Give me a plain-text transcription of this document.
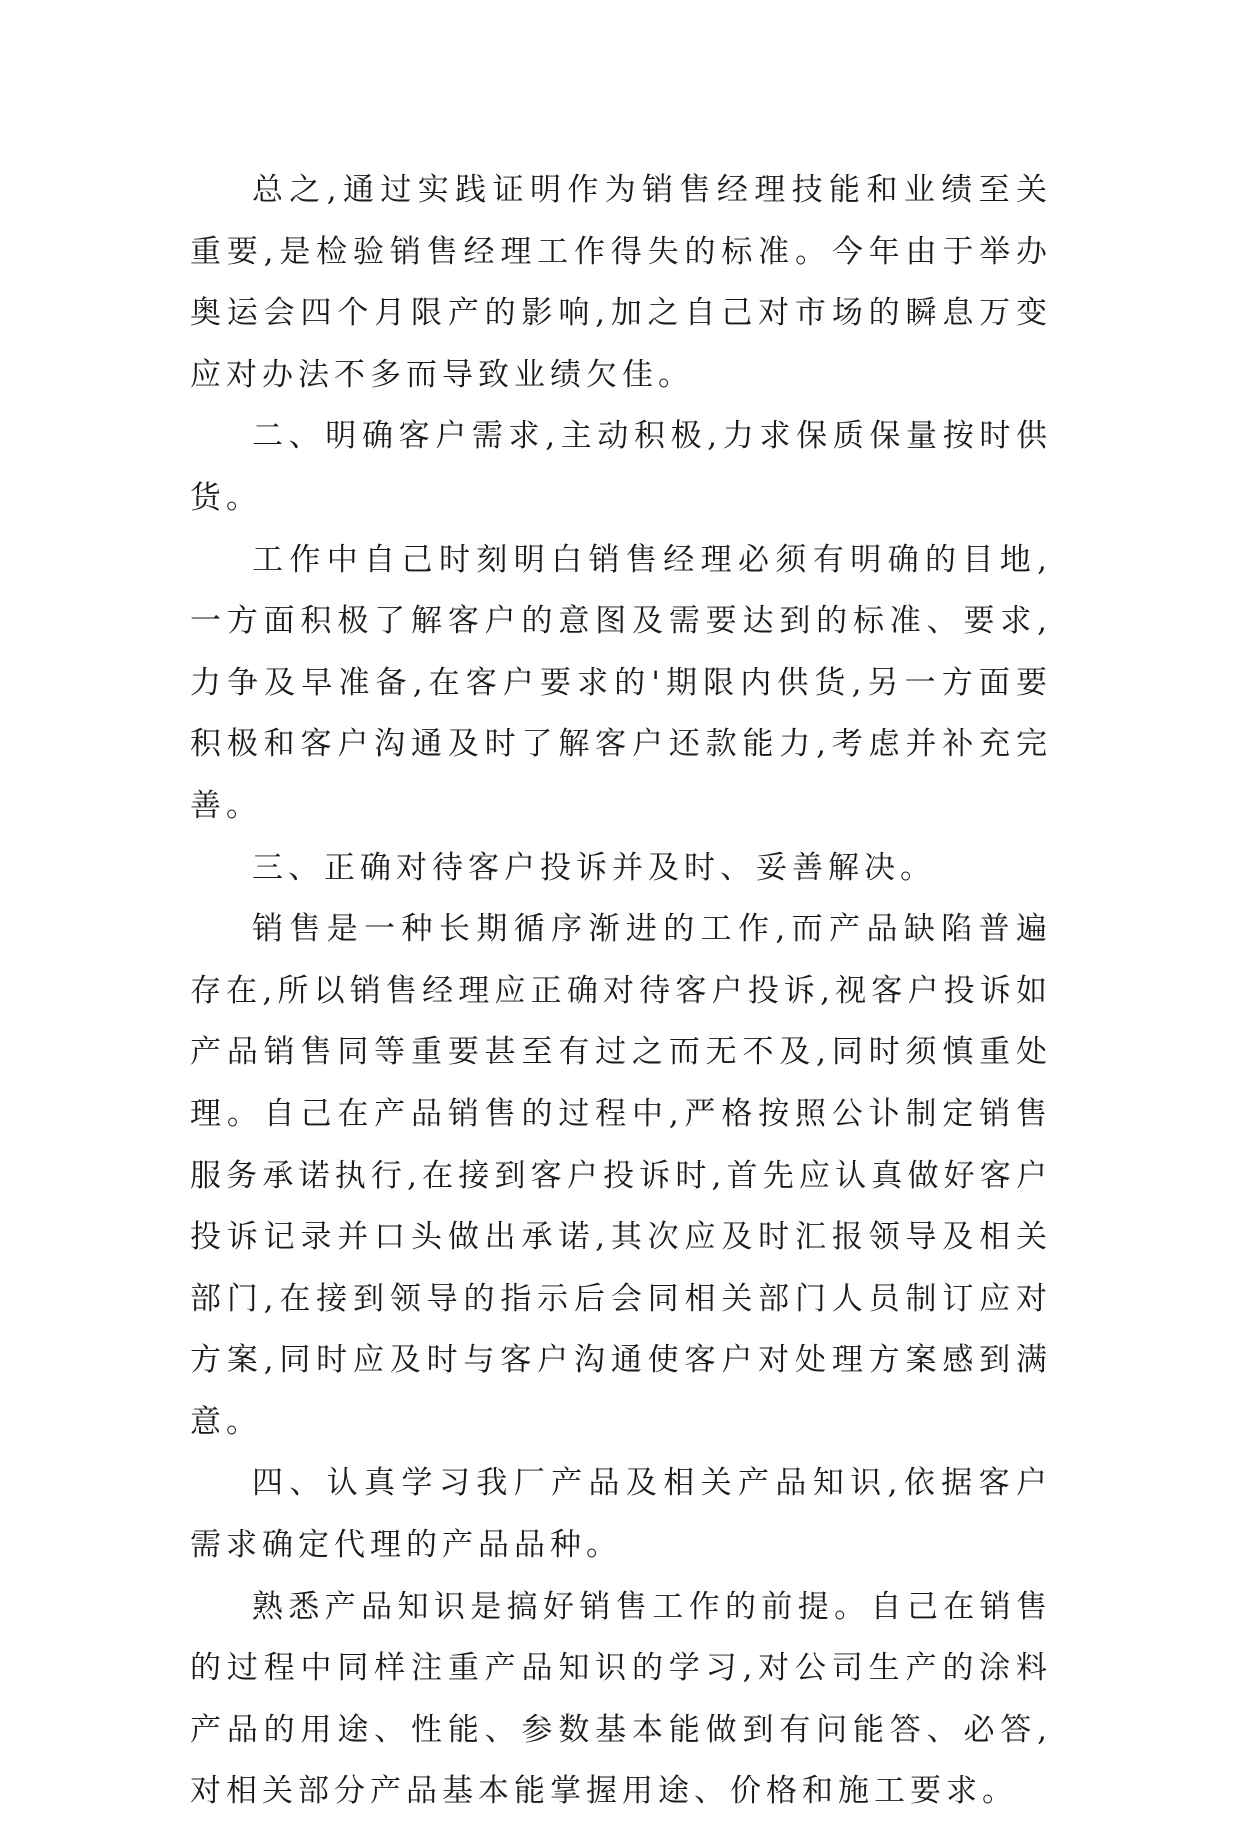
总之,通过实践证明作为销售经理技能和业绩至关重要,是检验销售经理工作得失的标准。今年由于举办奥运会四个月限产的影响,加之自己对市场的瞬息万变应对办法不多而导致业绩欠佳。

二、明确客户需求,主动积极,力求保质保量按时供货。

工作中自己时刻明白销售经理必须有明确的目地,一方面积极了解客户的意图及需要达到的标准、要求,力争及早准备,在客户要求的'期限内供货,另一方面要积极和客户沟通及时了解客户还款能力,考虑并补充完善。

三、正确对待客户投诉并及时、妥善解决。

销售是一种长期循序渐进的工作,而产品缺陷普遍存在,所以销售经理应正确对待客户投诉,视客户投诉如产品销售同等重要甚至有过之而无不及,同时须慎重处理。自己在产品销售的过程中,严格按照公讣制定销售服务承诺执行,在接到客户投诉时,首先应认真做好客户投诉记录并口头做出承诺,其次应及时汇报领导及相关部门,在接到领导的指示后会同相关部门人员制订应对方案,同时应及时与客户沟通使客户对处理方案感到满意。

四、认真学习我厂产品及相关产品知识,依据客户需求确定代理的产品品种。

熟悉产品知识是搞好销售工作的前提。自己在销售的过程中同样注重产品知识的学习,对公司生产的涂料产品的用途、性能、参数基本能做到有问能答、必答,对相关部分产品基本能掌握用途、价格和施工要求。
